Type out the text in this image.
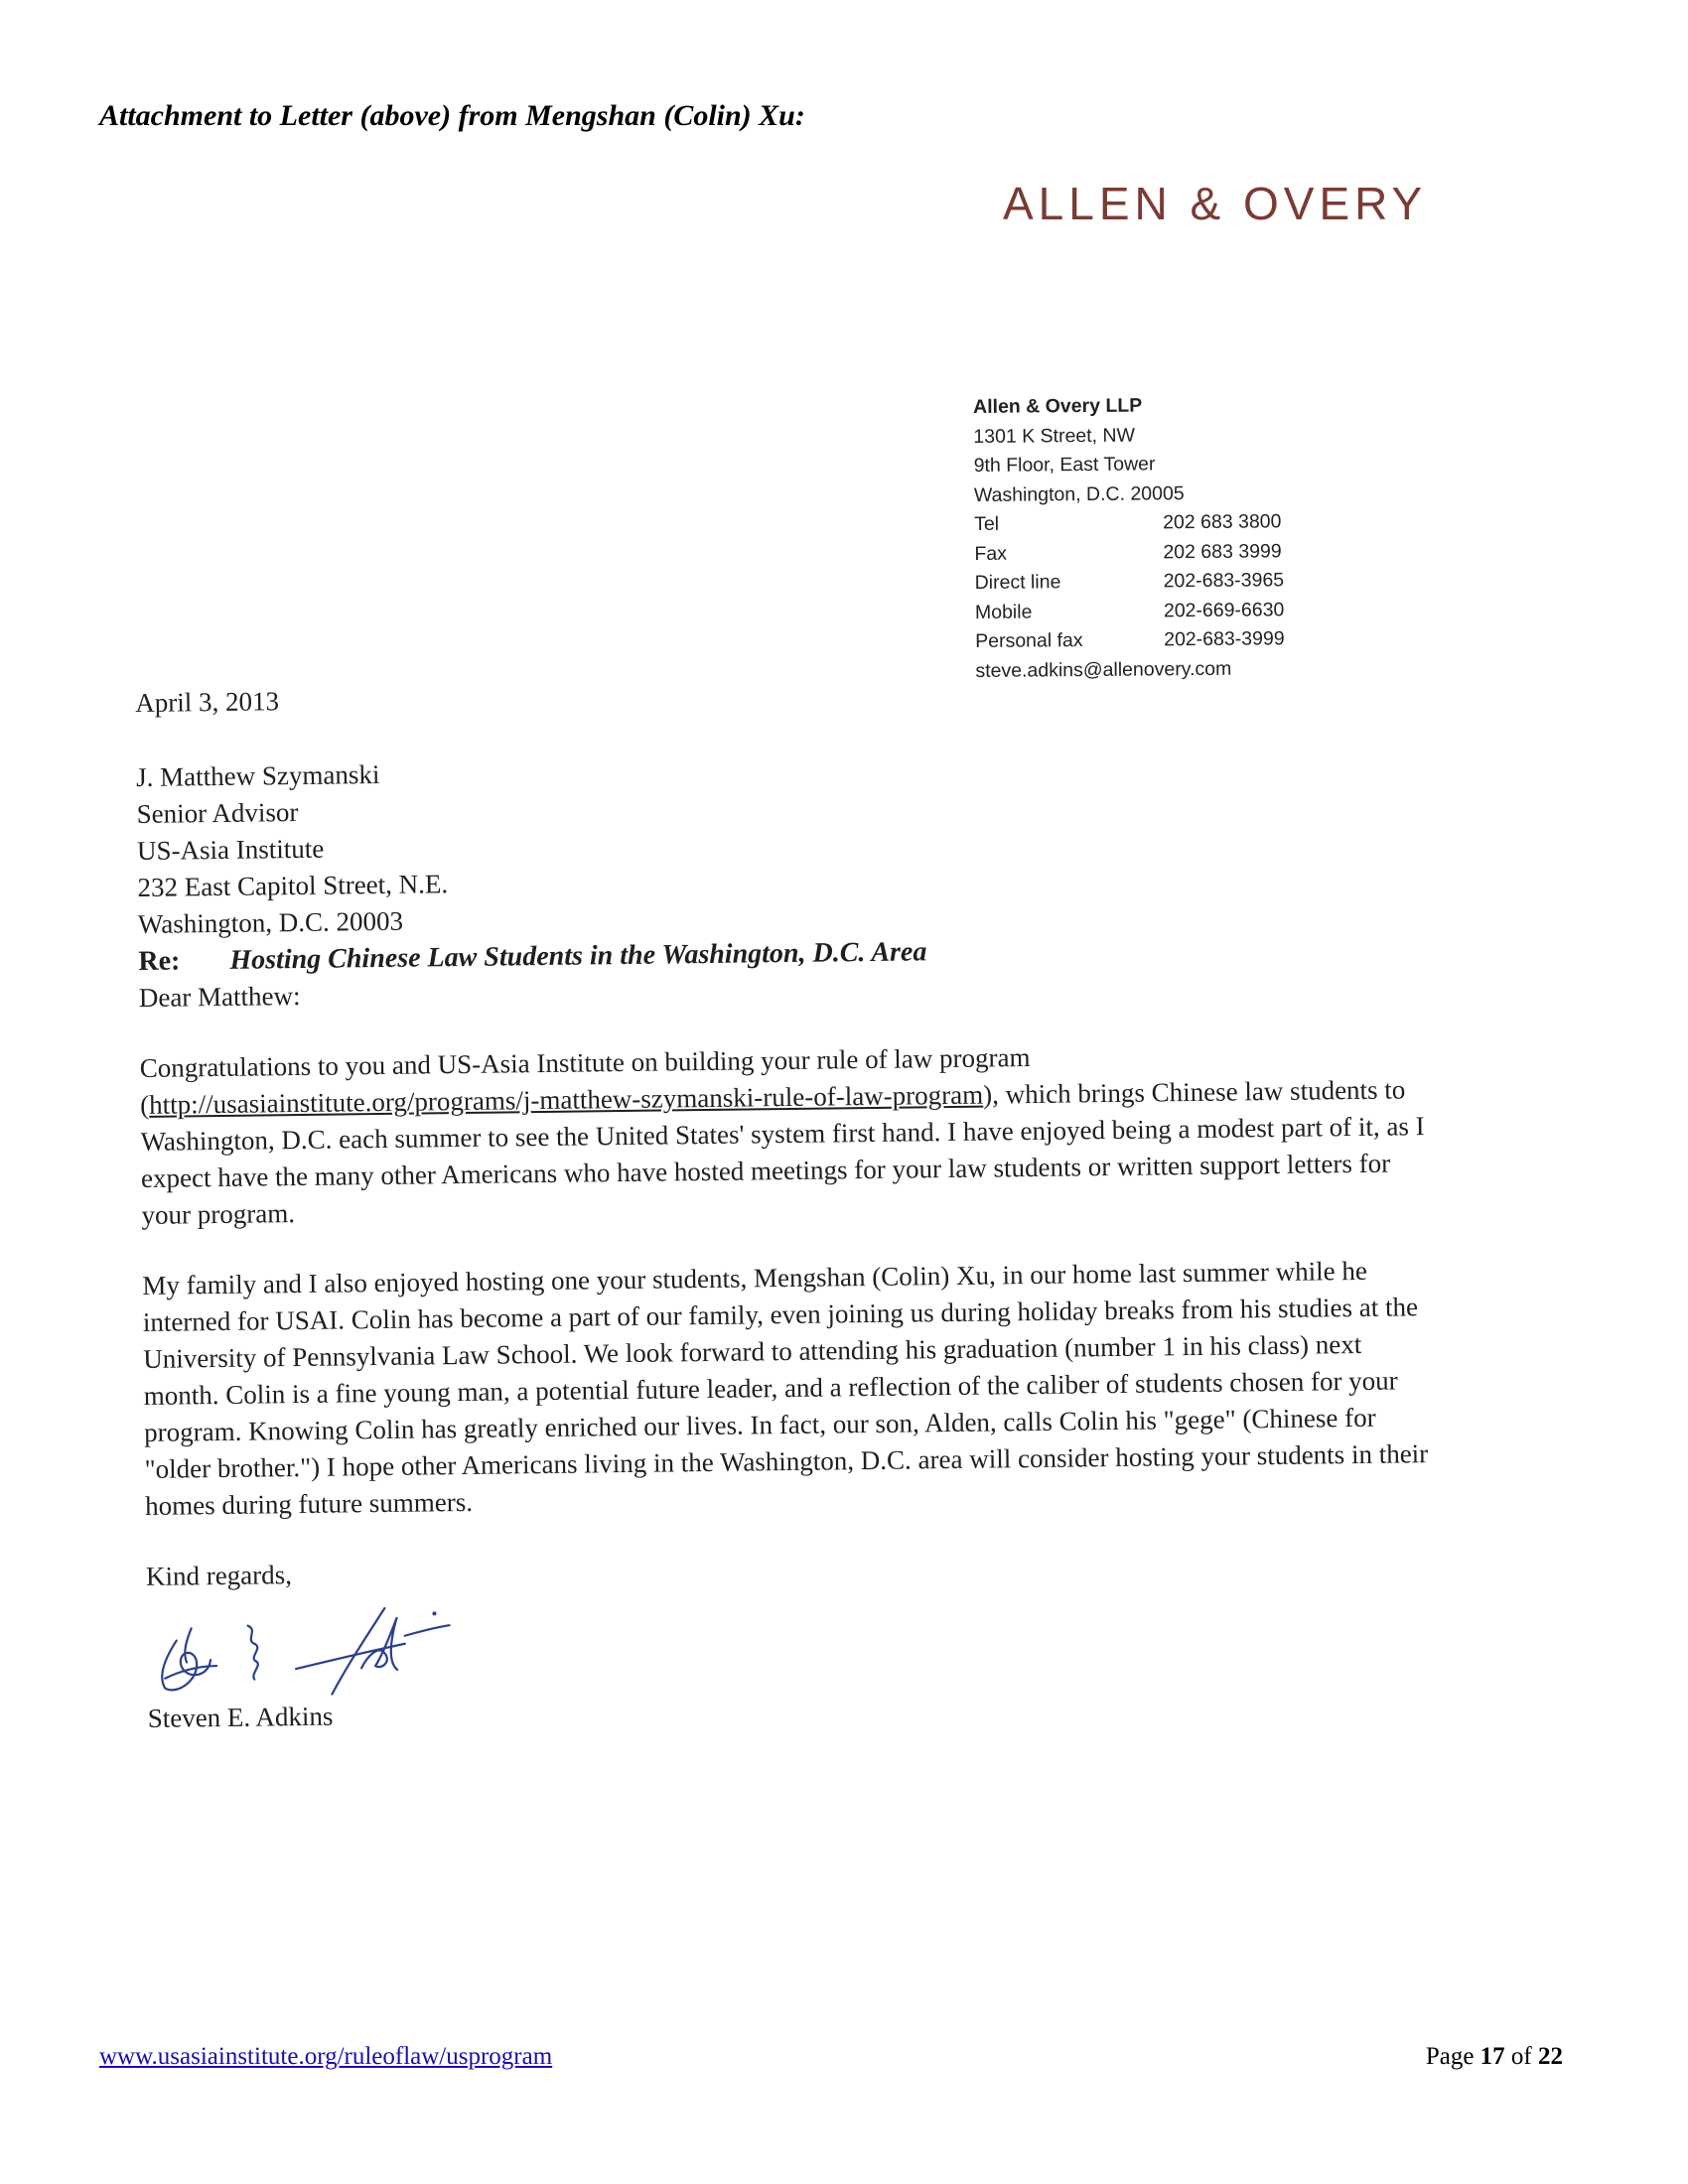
Attachment to Letter (above) from Mengshan (Colin) Xu:
ALLEN & OVERY
Allen & Overy LLP
1301 K Street, NW
9th Floor, East Tower
Washington, D.C. 20005
Tel	202 683 3800
Fax	202 683 3999
Direct line	202-683-3965
Mobile	202-669-6630
Personal fax	202-683-3999
steve.adkins@allenovery.com

April 3, 2013

J. Matthew Szymanski

Senior Advisor

US-Asia Institute

232 East Capitol Street, N.E.

Washington, D.C. 20003

Re: Hosting Chinese Law Students in the Washington, D.C. Area

Dear Matthew:

Congratulations to you and US-Asia Institute on building your rule of law program
(http://usasiainstitute.org/programs/j-matthew-szymanski-rule-of-law-program), which brings Chinese law students to Washington, D.C. each summer to see the United States' system first hand. I have enjoyed being a modest part of it, as I expect have the many other Americans who have hosted meetings for your law students or written support letters for your program.

My family and I also enjoyed hosting one your students, Mengshan (Colin) Xu, in our home last summer while he interned for USAI. Colin has become a part of our family, even joining us during holiday breaks from his studies at the University of Pennsylvania Law School. We look forward to attending his graduation (number 1 in his class) next month. Colin is a fine young man, a potential future leader, and a reflection of the caliber of students chosen for your program. Knowing Colin has greatly enriched our lives. In fact, our son, Alden, calls Colin his "gege" (Chinese for "older brother.") I hope other Americans living in the Washington, D.C. area will consider hosting your students in their homes during future summers.

Kind regards,

Steven E. Adkins

www.usasiainstitute.org/ruleoflaw/usprogram	Page 17 of 22
